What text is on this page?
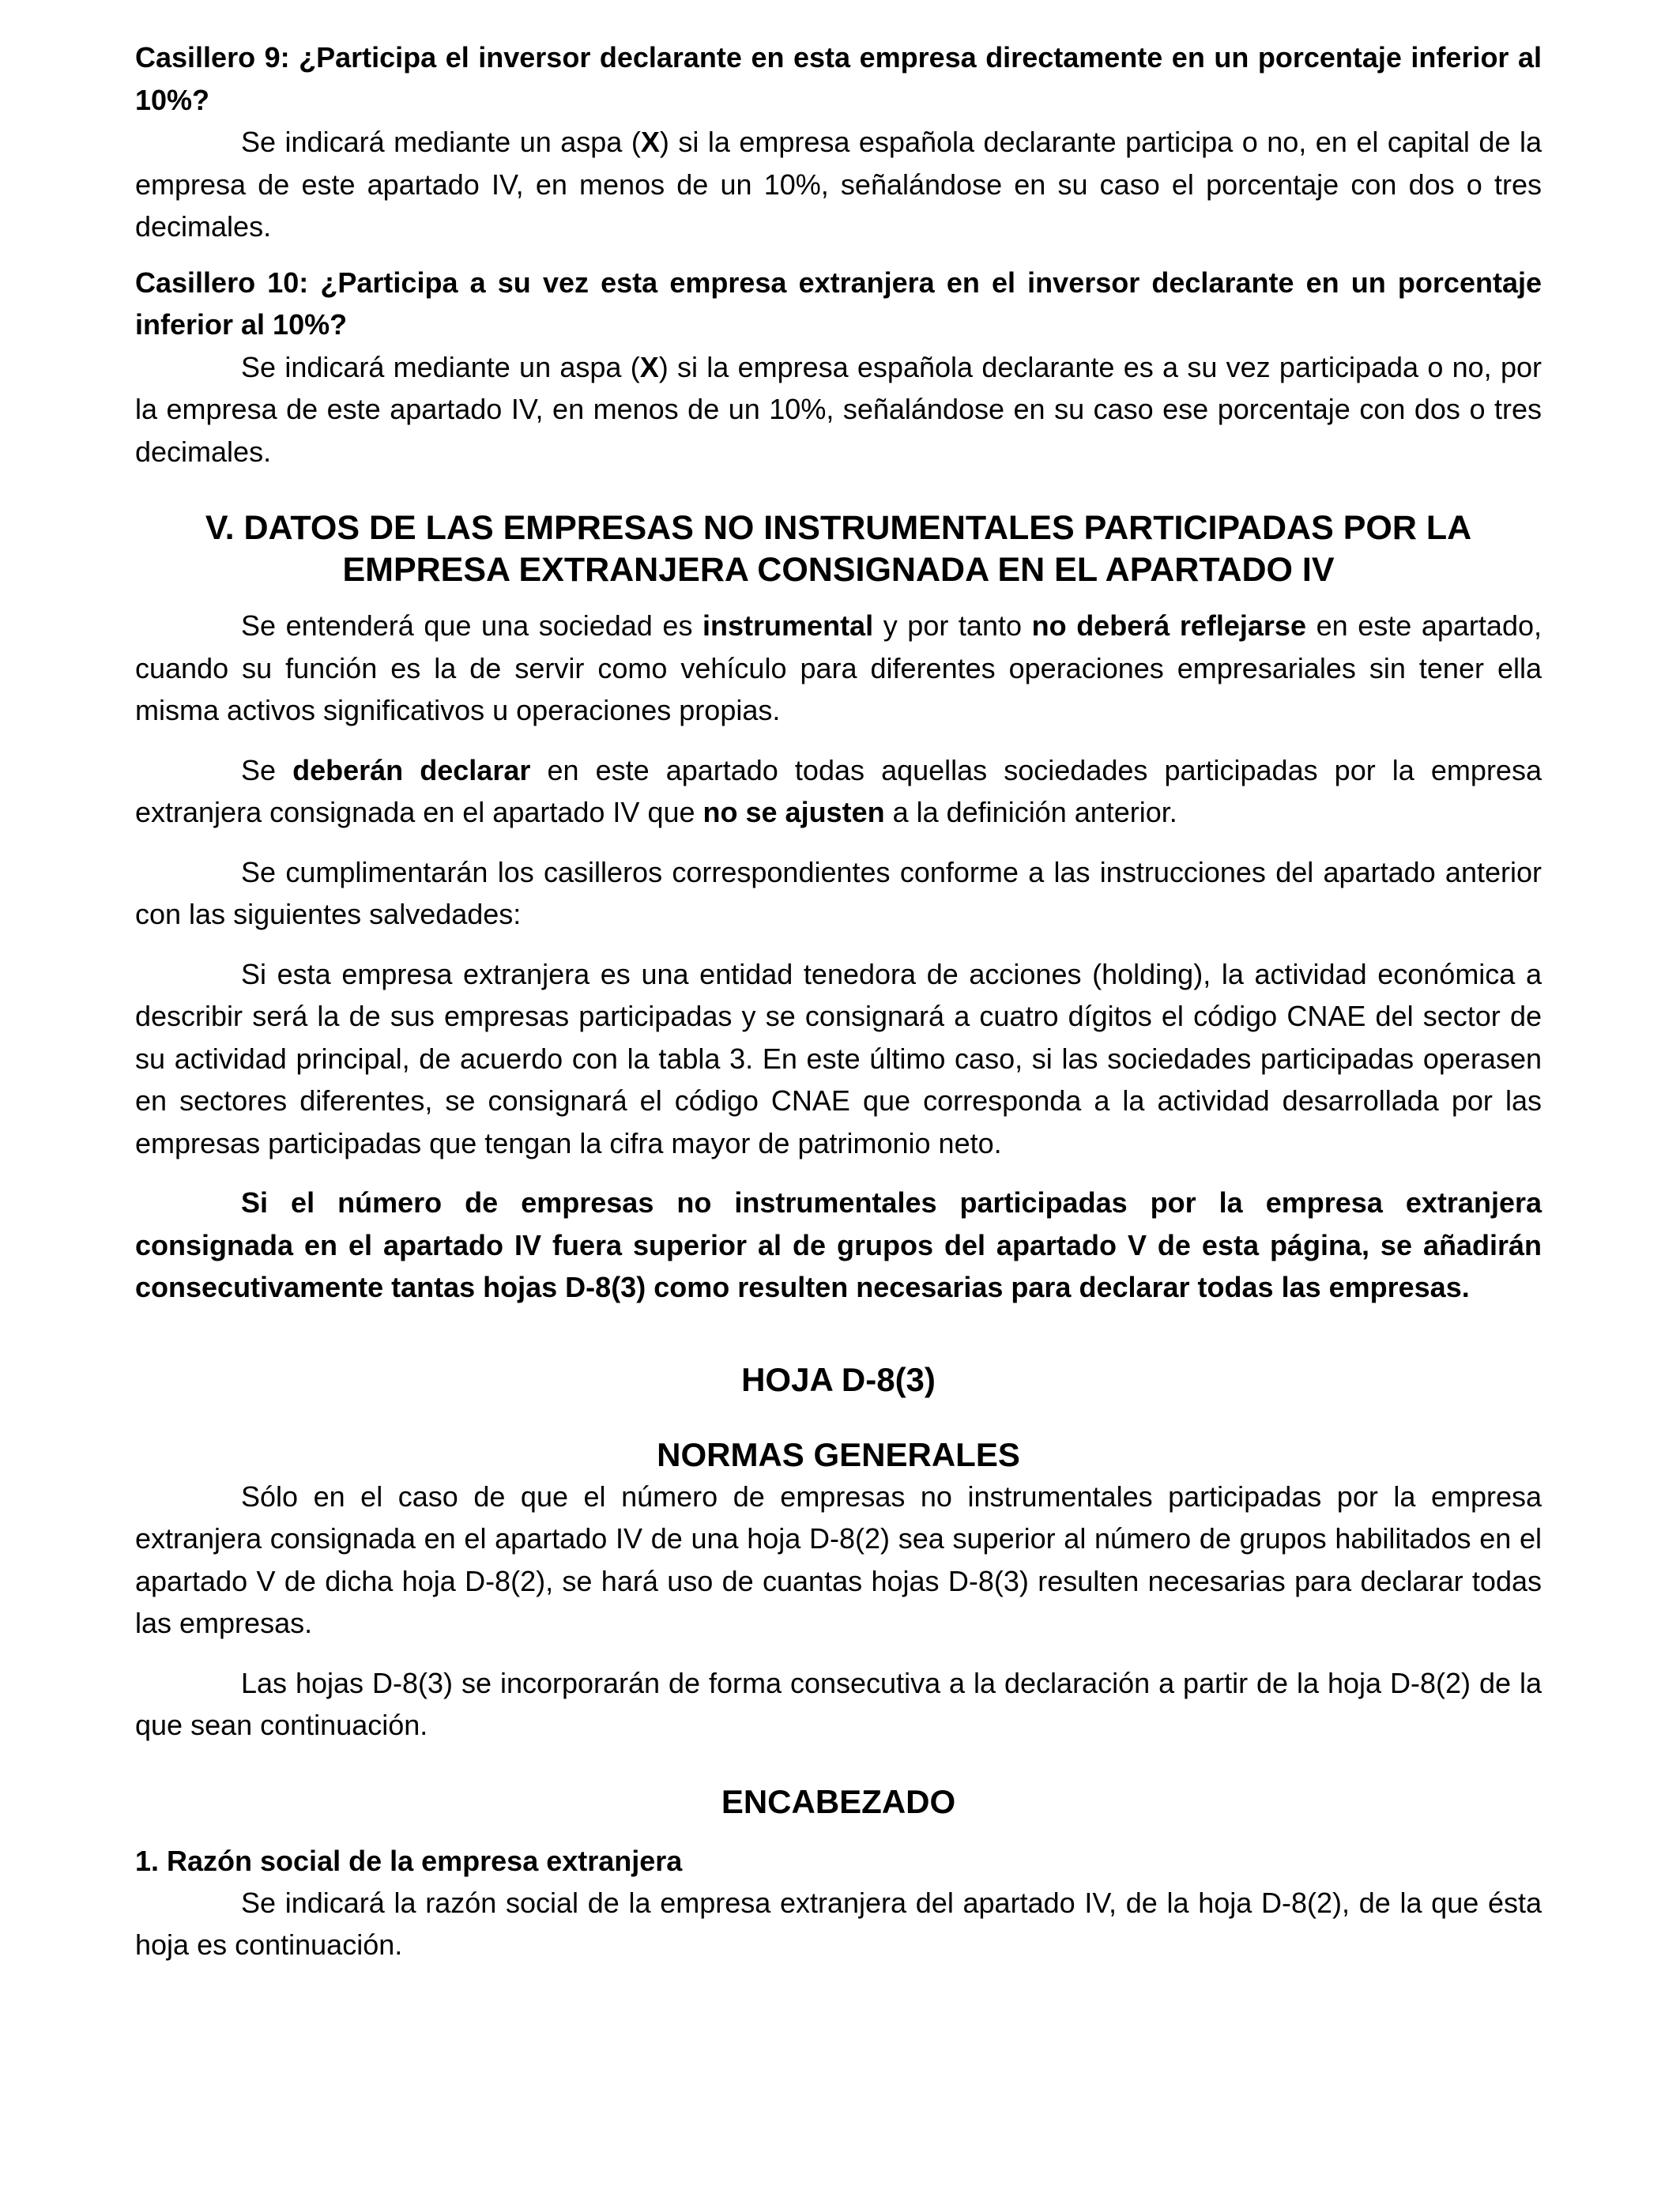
Casillero 9: ¿Participa el inversor declarante en esta empresa directamente en un porcentaje inferior al 10%?

Se indicará mediante un aspa (X) si la empresa española declarante participa o no, en el capital de la empresa de este apartado IV, en menos de un 10%, señalándose en su caso el porcentaje con dos o tres decimales.

Casillero 10: ¿Participa a su vez esta empresa extranjera en el inversor declarante en un porcentaje inferior al 10%?

Se indicará mediante un aspa (X) si la empresa española declarante es a su vez participada o no, por la empresa de este apartado IV, en menos de un 10%, señalándose en su caso ese porcentaje con dos o tres decimales.

V. DATOS DE LAS EMPRESAS NO INSTRUMENTALES PARTICIPADAS POR LA
EMPRESA EXTRANJERA CONSIGNADA EN EL APARTADO IV

Se entenderá que una sociedad es instrumental y por tanto no deberá reflejarse en este apartado, cuando su función es la de servir como vehículo para diferentes operaciones empresariales sin tener ella misma activos significativos u operaciones propias.

Se deberán declarar en este apartado todas aquellas sociedades participadas por la empresa extranjera consignada en el apartado IV que no se ajusten a la definición anterior.

Se cumplimentarán los casilleros correspondientes conforme a las instrucciones del apartado anterior con las siguientes salvedades:

Si esta empresa extranjera es una entidad tenedora de acciones (holding), la actividad económica a describir será la de sus empresas participadas y se consignará a cuatro dígitos el código CNAE del sector de su actividad principal, de acuerdo con la tabla 3. En este último caso, si las sociedades participadas operasen en sectores diferentes, se consignará el código CNAE que corresponda a la actividad desarrollada por las empresas participadas que tengan la cifra mayor de patrimonio neto.

Si el número de empresas no instrumentales participadas por la empresa extranjera consignada en el apartado IV fuera superior al de grupos del apartado V de esta página, se añadirán consecutivamente tantas hojas D-8(3) como resulten necesarias para declarar todas las empresas.

HOJA D-8(3)
NORMAS GENERALES

Sólo en el caso de que el número de empresas no instrumentales participadas por la empresa extranjera consignada en el apartado IV de una hoja D-8(2) sea superior al número de grupos habilitados en el apartado V de dicha hoja D-8(2), se hará uso de cuantas hojas D-8(3) resulten necesarias para declarar todas las empresas.

Las hojas D-8(3) se incorporarán de forma consecutiva a la declaración a partir de la hoja D-8(2) de la que sean continuación.

ENCABEZADO
1. Razón social de la empresa extranjera

Se indicará la razón social de la empresa extranjera del apartado IV, de la hoja D-8(2), de la que ésta hoja es continuación.
